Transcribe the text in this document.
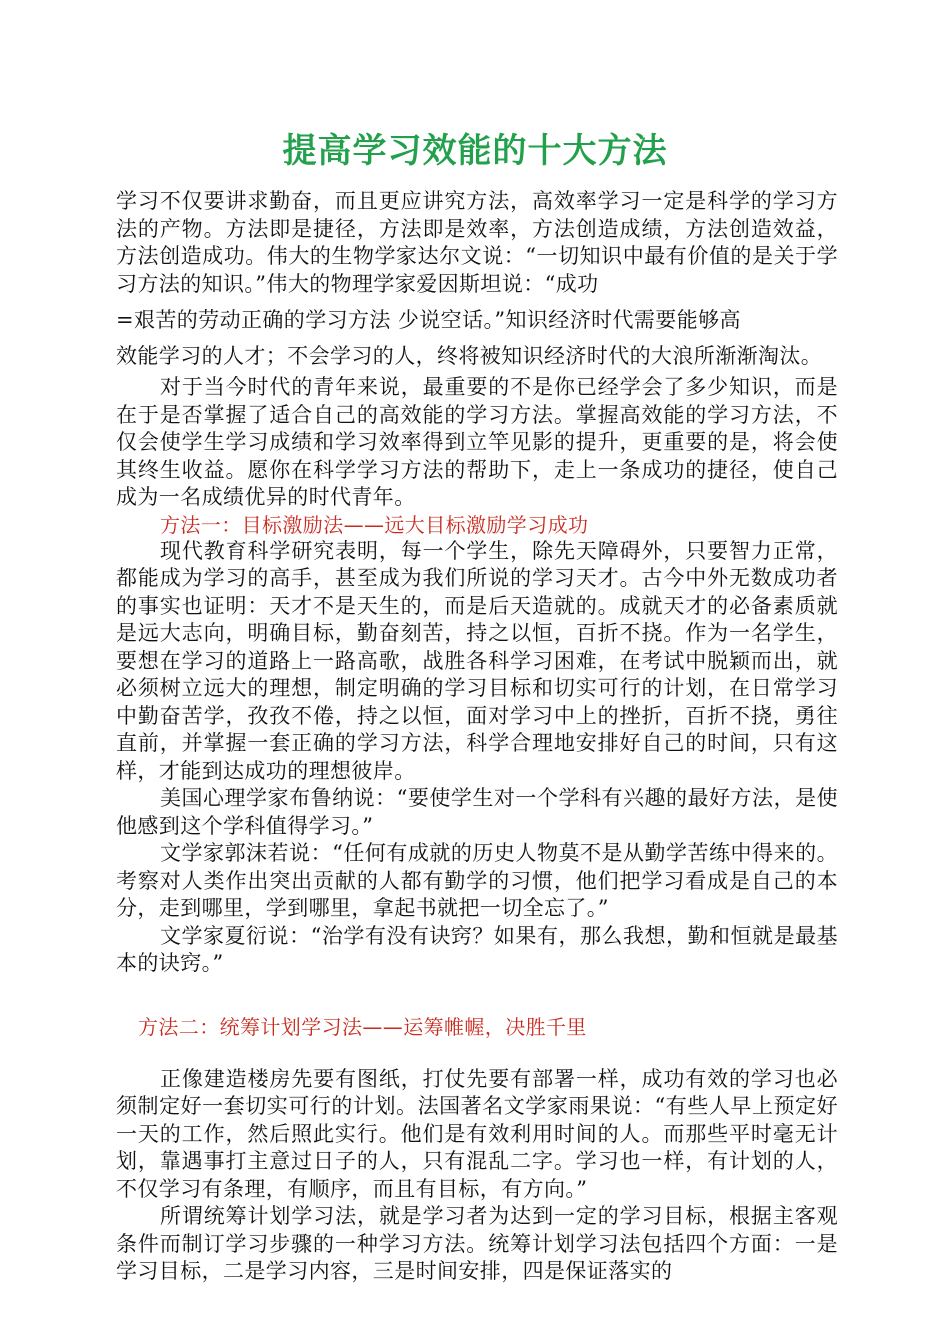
提高学习效能的十大方法

学习不仅要讲求勤奋，而且更应讲究方法，高效率学习一定是科学的学习方法的产物。方法即是捷径，方法即是效率，方法创造成绩，方法创造效益，方法创造成功。伟大的生物学家达尔文说：“一切知识中最有价值的是关于学习方法的知识。”伟大的物理学家爱因斯坦说：“成功

=艰苦的劳动正确的学习方法 少说空话。”知识经济时代需要能够高

效能学习的人才；不会学习的人，终将被知识经济时代的大浪所渐渐淘汰。

对于当今时代的青年来说，最重要的不是你已经学会了多少知识，而是在于是否掌握了适合自己的高效能的学习方法。掌握高效能的学习方法，不仅会使学生学习成绩和学习效率得到立竿见影的提升，更重要的是，将会使其终生收益。愿你在科学学习方法的帮助下，走上一条成功的捷径，使自己成为一名成绩优异的时代青年。

方法一：目标激励法——远大目标激励学习成功

现代教育科学研究表明，每一个学生，除先天障碍外，只要智力正常，都能成为学习的高手，甚至成为我们所说的学习天才。古今中外无数成功者的事实也证明：天才不是天生的，而是后天造就的。成就天才的必备素质就是远大志向，明确目标，勤奋刻苦，持之以恒，百折不挠。作为一名学生，要想在学习的道路上一路高歌，战胜各科学习困难，在考试中脱颖而出，就必须树立远大的理想，制定明确的学习目标和切实可行的计划，在日常学习中勤奋苦学，孜孜不倦，持之以恒，面对学习中上的挫折，百折不挠，勇往直前，并掌握一套正确的学习方法，科学合理地安排好自己的时间，只有这样，才能到达成功的理想彼岸。

美国心理学家布鲁纳说：“要使学生对一个学科有兴趣的最好方法，是使他感到这个学科值得学习。”

文学家郭沫若说：“任何有成就的历史人物莫不是从勤学苦练中得来的。考察对人类作出突出贡献的人都有勤学的习惯，他们把学习看成是自己的本分，走到哪里，学到哪里，拿起书就把一切全忘了。”

文学家夏衍说：“治学有没有诀窍？如果有，那么我想，勤和恒就是最基本的诀窍。”

方法二：统筹计划学习法——运筹帷幄，决胜千里

正像建造楼房先要有图纸，打仗先要有部署一样，成功有效的学习也必须制定好一套切实可行的计划。法国著名文学家雨果说：“有些人早上预定好一天的工作，然后照此实行。他们是有效利用时间的人。而那些平时毫无计划，靠遇事打主意过日子的人，只有混乱二字。学习也一样，有计划的人，不仅学习有条理，有顺序，而且有目标，有方向。”

所谓统筹计划学习法，就是学习者为达到一定的学习目标，根据主客观条件而制订学习步骤的一种学习方法。统筹计划学习法包括四个方面：一是学习目标，二是学习内容，三是时间安排，四是保证落实的
